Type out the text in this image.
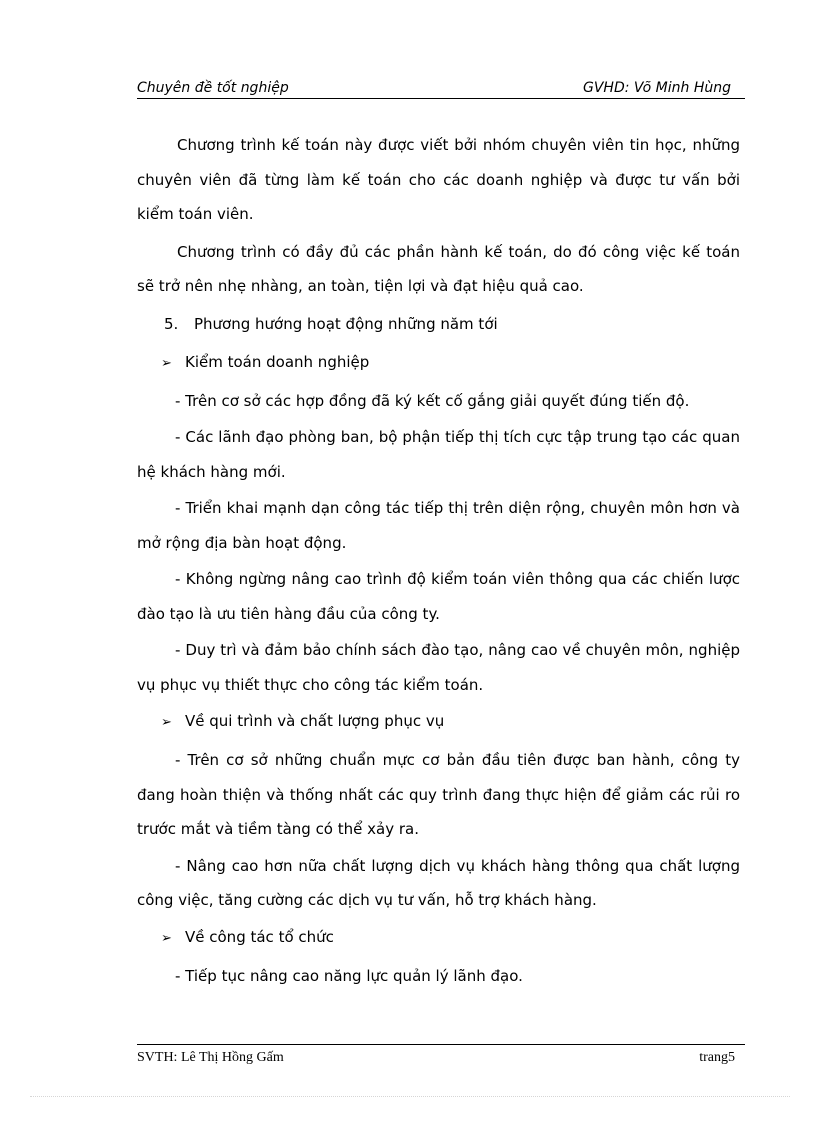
Chuyên đề tốt nghiệp	GVHD: Võ Minh Hùng

Chương trình kế toán này được viết bởi nhóm chuyên viên tin học, những chuyên viên đã từng làm kế toán cho các doanh nghiệp và được tư vấn bởi kiểm toán viên.

Chương trình có đầy đủ các phần hành kế toán, do đó công việc kế toán sẽ trở nên nhẹ nhàng, an toàn, tiện lợi và đạt hiệu quả cao.

5. Phương hướng hoạt động những năm tới

➢ Kiểm toán doanh nghiệp

- Trên cơ sở các hợp đồng đã ký kết cố gắng giải quyết đúng tiến độ.

- Các lãnh đạo phòng ban, bộ phận tiếp thị tích cực tập trung tạo các quan hệ khách hàng mới.

- Triển khai mạnh dạn công tác tiếp thị trên diện rộng, chuyên môn hơn và mở rộng địa bàn hoạt động.

- Không ngừng nâng cao trình độ kiểm toán viên thông qua các chiến lược đào tạo là ưu tiên hàng đầu của công ty.

- Duy trì và đảm bảo chính sách đào tạo, nâng cao về chuyên môn, nghiệp vụ phục vụ thiết thực cho công tác kiểm toán.

➢ Về qui trình và chất lượng phục vụ

- Trên cơ sở những chuẩn mực cơ bản đầu tiên được ban hành, công ty đang hoàn thiện và thống nhất các quy trình đang thực hiện để giảm các rủi ro trước mắt và tiềm tàng có thể xảy ra.

- Nâng cao hơn nữa chất lượng dịch vụ khách hàng thông qua chất lượng công việc, tăng cường các dịch vụ tư vấn, hỗ trợ khách hàng.

➢ Về công tác tổ chức

- Tiếp tục nâng cao năng lực quản lý lãnh đạo.

SVTH: Lê Thị Hồng Gấm	trang5
